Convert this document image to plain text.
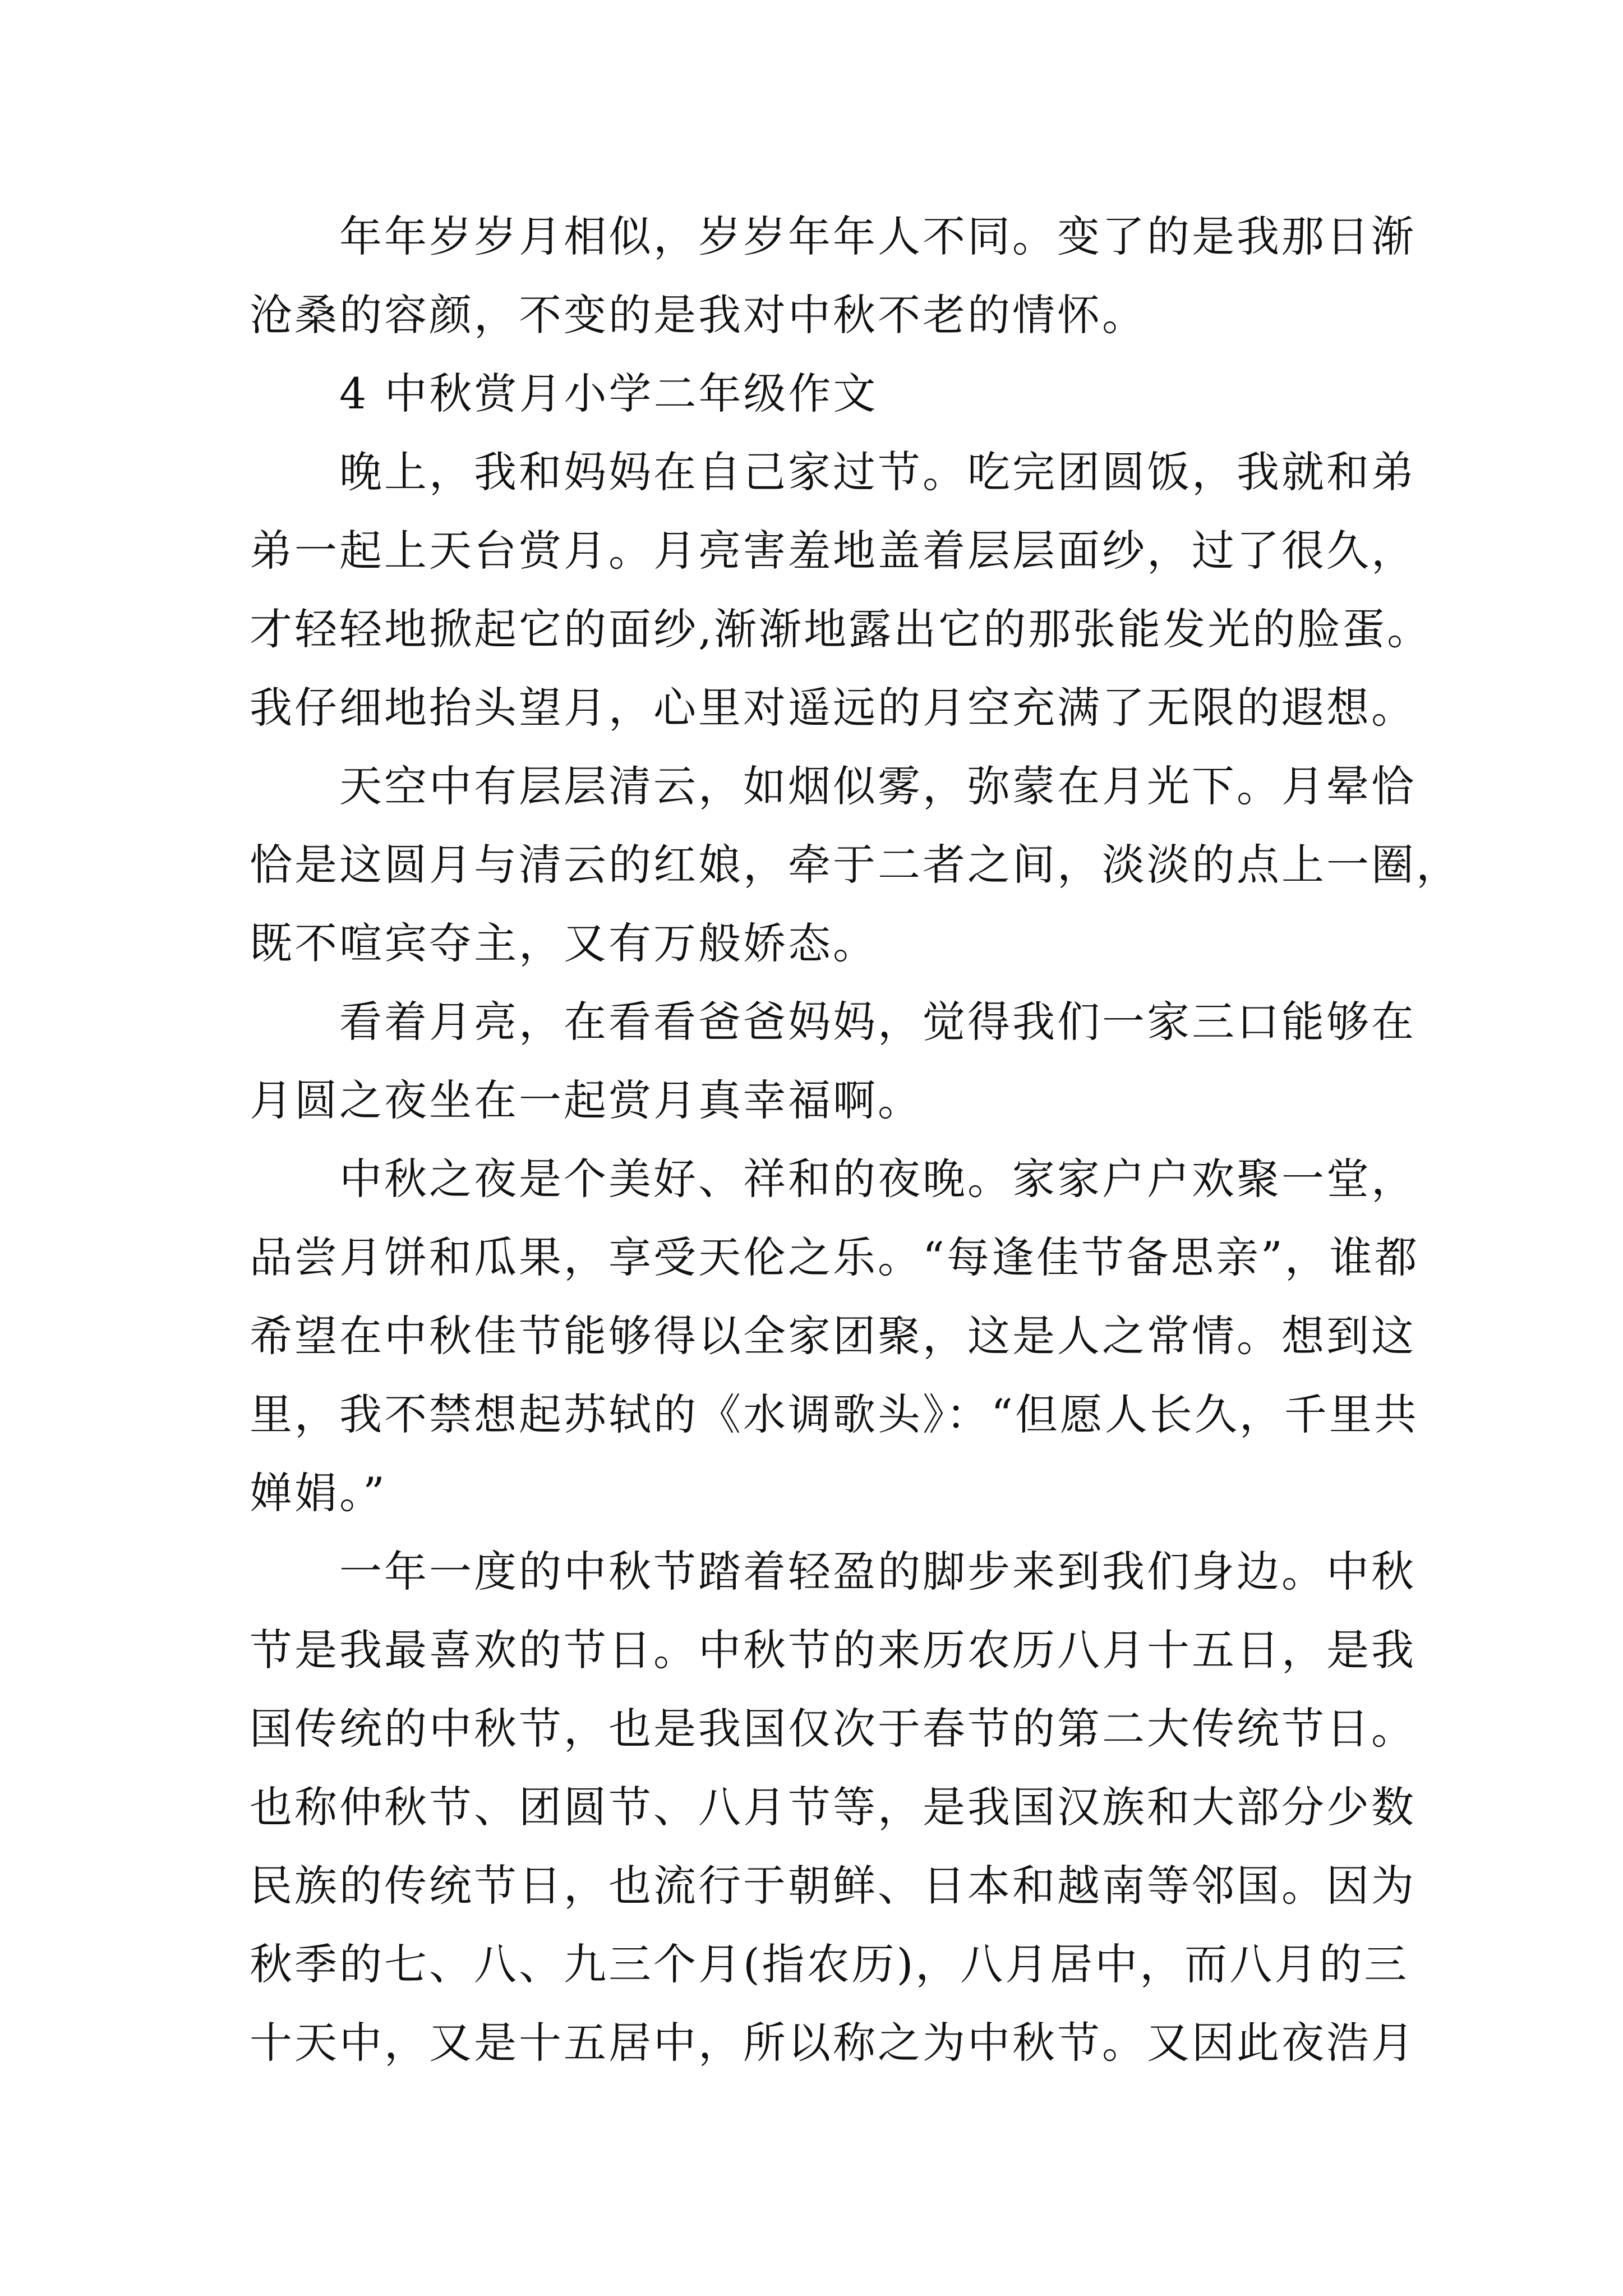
年年岁岁月相似，岁岁年年人不同。变了的是我那日渐
沧桑的容颜，不变的是我对中秋不老的情怀。
4 中秋赏月小学二年级作文
晚上，我和妈妈在自己家过节。吃完团圆饭，我就和弟
弟一起上天台赏月。月亮害羞地盖着层层面纱，过了很久，
才轻轻地掀起它的面纱,渐渐地露出它的那张能发光的脸蛋。
我仔细地抬头望月，心里对遥远的月空充满了无限的遐想。
天空中有层层清云，如烟似雾，弥蒙在月光下。月晕恰
恰是这圆月与清云的红娘，牵于二者之间，淡淡的点上一圈，
既不喧宾夺主，又有万般娇态。
看着月亮，在看看爸爸妈妈，觉得我们一家三口能够在
月圆之夜坐在一起赏月真幸福啊。
中秋之夜是个美好、祥和的夜晚。家家户户欢聚一堂，
品尝月饼和瓜果，享受天伦之乐。“每逢佳节备思亲”，谁都
希望在中秋佳节能够得以全家团聚，这是人之常情。想到这
里，我不禁想起苏轼的《水调歌头》：“但愿人长久，千里共
婵娟。”
一年一度的中秋节踏着轻盈的脚步来到我们身边。中秋
节是我最喜欢的节日。中秋节的来历农历八月十五日，是我
国传统的中秋节，也是我国仅次于春节的第二大传统节日。
也称仲秋节、团圆节、八月节等，是我国汉族和大部分少数
民族的传统节日，也流行于朝鲜、日本和越南等邻国。因为
秋季的七、八、九三个月(指农历)，八月居中，而八月的三
十天中，又是十五居中，所以称之为中秋节。又因此夜浩月
